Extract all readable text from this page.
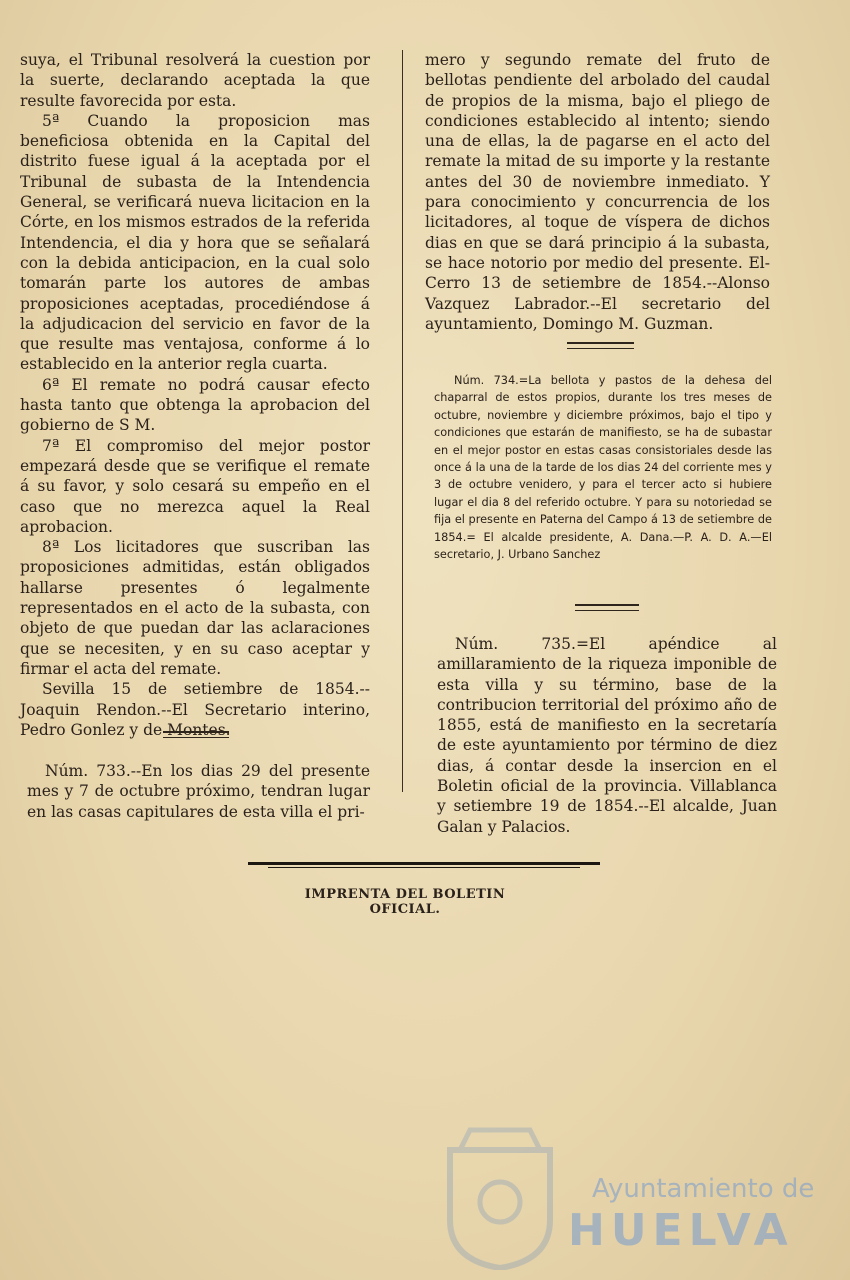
suya, el Tribunal resolverá la cuestion por la suerte, declarando aceptada la que resulte favorecida por esta.

5ª Cuando la proposicion mas beneficiosa obtenida en la Capital del distrito fuese igual á la aceptada por el Tribunal de subasta de la Intendencia General, se verificará nueva licitacion en la Córte, en los mismos estrados de la referida Intendencia, el dia y hora que se señalará con la debida anticipacion, en la cual solo tomarán parte los autores de ambas proposiciones aceptadas, procediéndose á la adjudicacion del servicio en favor de la que resulte mas ventajosa, conforme á lo establecido en la anterior regla cuarta.

6ª El remate no podrá causar efecto hasta tanto que obtenga la aprobacion del gobierno de S M.

7ª El compromiso del mejor postor empezará desde que se verifique el remate á su favor, y solo cesará su empeño en el caso que no merezca aquel la Real aprobacion.

8ª Los licitadores que suscriban las proposiciones admitidas, están obligados hallarse presentes ó legalmente representados en el acto de la subasta, con objeto de que puedan dar las aclaraciones que se necesiten, y en su caso aceptar y firmar el acta del remate.

Sevilla 15 de setiembre de 1854.--Joaquin Rendon.--El Secretario interino, Pedro Gonlez y de Montes.

Núm. 733.--En los dias 29 del presente mes y 7 de octubre próximo, tendran lugar en las casas capitulares de esta villa el pri-

mero y segundo remate del fruto de bellotas pendiente del arbolado del caudal de propios de la misma, bajo el pliego de condiciones establecido al intento; siendo una de ellas, la de pagarse en el acto del remate la mitad de su importe y la restante antes del 30 de noviembre inmediato. Y para conocimiento y concurrencia de los licitadores, al toque de víspera de dichos dias en que se dará principio á la subasta, se hace notorio por medio del presente. El-Cerro 13 de setiembre de 1854.--Alonso Vazquez Labrador.--El secretario del ayuntamiento, Domingo M. Guzman.

Núm. 734.=La bellota y pastos de la dehesa del chaparral de estos propios, durante los tres meses de octubre, noviembre y diciembre próximos, bajo el tipo y condiciones que estarán de manifiesto, se ha de subastar en el mejor postor en estas casas consistoriales desde las once á la una de la tarde de los dias 24 del corriente mes y 3 de octubre venidero, y para el tercer acto si hubiere lugar el dia 8 del referido octubre. Y para su notoriedad se fija el presente en Paterna del Campo á 13 de setiembre de 1854.= El alcalde presidente, A. Dana.—P. A. D. A.—El secretario, J. Urbano Sanchez

Núm. 735.=El apéndice al amillaramiento de la riqueza imponible de esta villa y su término, base de la contribucion territorial del próximo año de 1855, está de manifiesto en la secretaría de este ayuntamiento por término de diez dias, á contar desde la insercion en el Boletin oficial de la provincia. Villablanca y setiembre 19 de 1854.--El alcalde, Juan Galan y Palacios.

IMPRENTA DEL BOLETIN OFICIAL.
Ayuntamiento de
HUELVA
